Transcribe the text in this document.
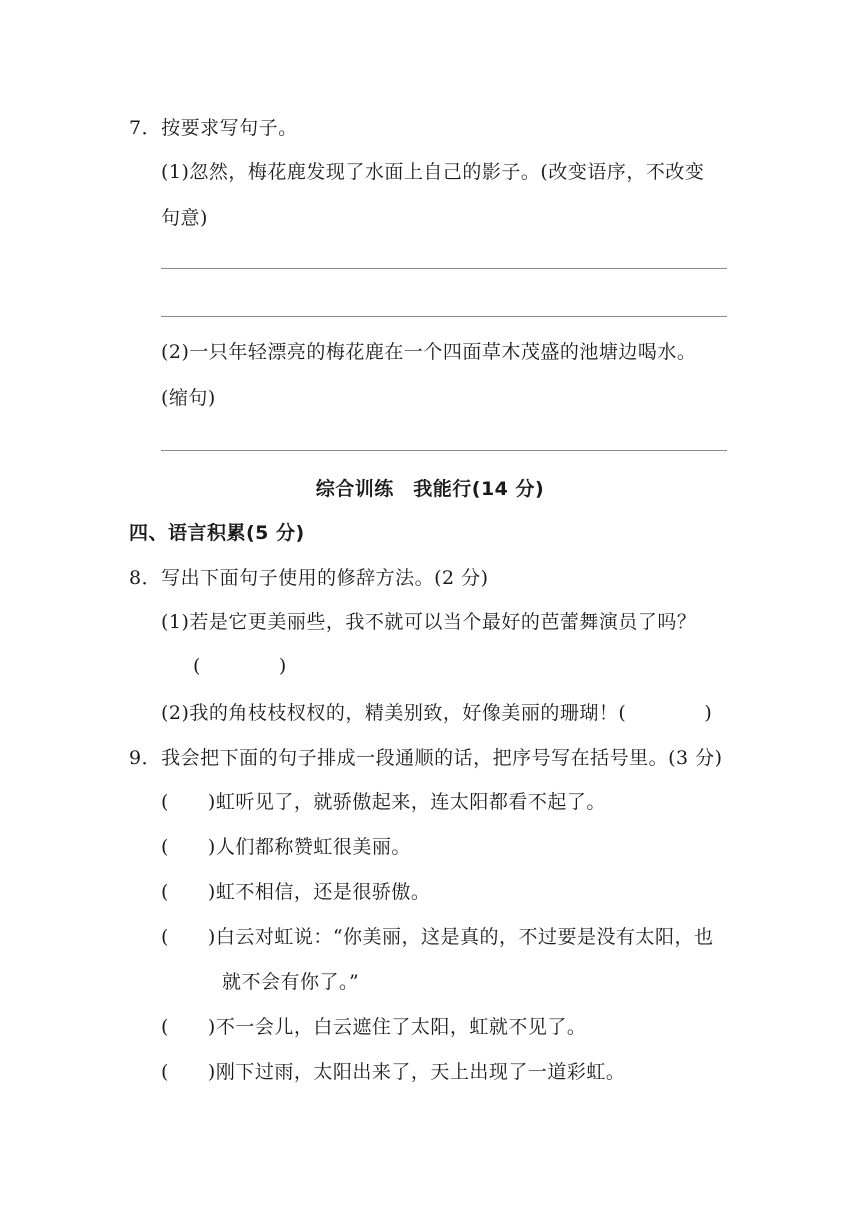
7．按要求写句子。
(1)忽然，梅花鹿发现了水面上自己的影子。(改变语序，不改变
句意)
(2)一只年轻漂亮的梅花鹿在一个四面草木茂盛的池塘边喝水。
(缩句)
综合训练　我能行(14 分)
四、语言积累(5 分)
8．写出下面句子使用的修辞方法。(2 分)
(1)若是它更美丽些，我不就可以当个最好的芭蕾舞演员了吗？
(　　　　)
(2)我的角枝枝杈杈的，精美别致，好像美丽的珊瑚！(　　　　)
9．我会把下面的句子排成一段通顺的话，把序号写在括号里。(3 分)
(　　)虹听见了，就骄傲起来，连太阳都看不起了。
(　　)人们都称赞虹很美丽。
(　　)虹不相信，还是很骄傲。
(　　)白云对虹说：“你美丽，这是真的，不过要是没有太阳，也
就不会有你了。”
(　　)不一会儿，白云遮住了太阳，虹就不见了。
(　　)刚下过雨，太阳出来了，天上出现了一道彩虹。
